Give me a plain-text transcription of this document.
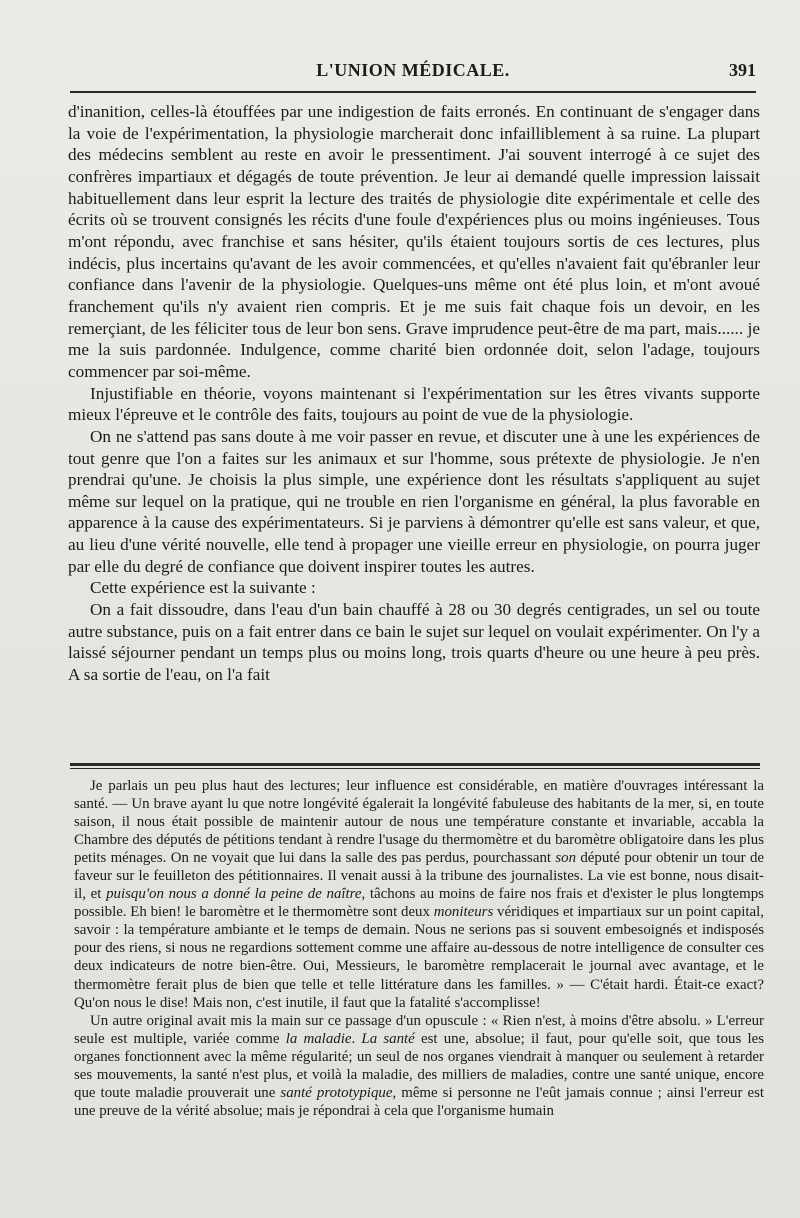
L'UNION MÉDICALE.	391

d'inanition, celles-là étouffées par une indigestion de faits erronés. En continuant de s'engager dans la voie de l'expérimentation, la physiologie marcherait donc infailliblement à sa ruine. La plupart des médecins semblent au reste en avoir le pressentiment. J'ai souvent interrogé à ce sujet des confrères impartiaux et dégagés de toute prévention. Je leur ai demandé quelle impression laissait habituellement dans leur esprit la lecture des traités de physiologie dite expérimentale et celle des écrits où se trouvent consignés les récits d'une foule d'expériences plus ou moins ingénieuses. Tous m'ont répondu, avec franchise et sans hésiter, qu'ils étaient toujours sortis de ces lectures, plus indécis, plus incertains qu'avant de les avoir commencées, et qu'elles n'avaient fait qu'ébranler leur confiance dans l'avenir de la physiologie. Quelques-uns même ont été plus loin, et m'ont avoué franchement qu'ils n'y avaient rien compris. Et je me suis fait chaque fois un devoir, en les remerçiant, de les féliciter tous de leur bon sens. Grave imprudence peut-être de ma part, mais...... je me la suis pardonnée. Indulgence, comme charité bien ordonnée doit, selon l'adage, toujours commencer par soi-même.

Injustifiable en théorie, voyons maintenant si l'expérimentation sur les êtres vivants supporte mieux l'épreuve et le contrôle des faits, toujours au point de vue de la physiologie.

On ne s'attend pas sans doute à me voir passer en revue, et discuter une à une les expériences de tout genre que l'on a faites sur les animaux et sur l'homme, sous prétexte de physiologie. Je n'en prendrai qu'une. Je choisis la plus simple, une expérience dont les résultats s'appliquent au sujet même sur lequel on la pratique, qui ne trouble en rien l'organisme en général, la plus favorable en apparence à la cause des expérimentateurs. Si je parviens à démontrer qu'elle est sans valeur, et que, au lieu d'une vérité nouvelle, elle tend à propager une vieille erreur en physiologie, on pourra juger par elle du degré de confiance que doivent inspirer toutes les autres.

Cette expérience est la suivante :

On a fait dissoudre, dans l'eau d'un bain chauffé à 28 ou 30 degrés centigrades, un sel ou toute autre substance, puis on a fait entrer dans ce bain le sujet sur lequel on voulait expérimenter. On l'y a laissé séjourner pendant un temps plus ou moins long, trois quarts d'heure ou une heure à peu près. A sa sortie de l'eau, on l'a fait

Je parlais un peu plus haut des lectures; leur influence est considérable, en matière d'ouvrages intéressant la santé. — Un brave ayant lu que notre longévité égalerait la longévité fabuleuse des habitants de la mer, si, en toute saison, il nous était possible de maintenir autour de nous une température constante et invariable, accabla la Chambre des députés de pétitions tendant à rendre l'usage du thermomètre et du baromètre obligatoire dans les plus petits ménages. On ne voyait que lui dans la salle des pas perdus, pourchassant son député pour obtenir un tour de faveur sur le feuilleton des pétitionnaires. Il venait aussi à la tribune des journalistes. La vie est bonne, nous disait-il, et puisqu'on nous a donné la peine de naître, tâchons au moins de faire nos frais et d'exister le plus longtemps possible. Eh bien! le baromètre et le thermomètre sont deux moniteurs véridiques et impartiaux sur un point capital, savoir : la température ambiante et le temps de demain. Nous ne serions pas si souvent embesoignés et indisposés pour des riens, si nous ne regardions sottement comme une affaire au-dessous de notre intelligence de consulter ces deux indicateurs de notre bien-être. Oui, Messieurs, le baromètre remplacerait le journal avec avantage, et le thermomètre ferait plus de bien que telle et telle littérature dans les familles. » — C'était hardi. Était-ce exact? Qu'on nous le dise! Mais non, c'est inutile, il faut que la fatalité s'accomplisse!

Un autre original avait mis la main sur ce passage d'un opuscule : « Rien n'est, à moins d'être absolu. » L'erreur seule est multiple, variée comme la maladie. La santé est une, absolue; il faut, pour qu'elle soit, que tous les organes fonctionnent avec la même régularité; un seul de nos organes viendrait à manquer ou seulement à retarder ses mouvements, la santé n'est plus, et voilà la maladie, des milliers de maladies, contre une santé unique, encore que toute maladie prouverait une santé prototypique, même si personne ne l'eût jamais connue ; ainsi l'erreur est une preuve de la vérité absolue; mais je répondrai à cela que l'organisme humain
